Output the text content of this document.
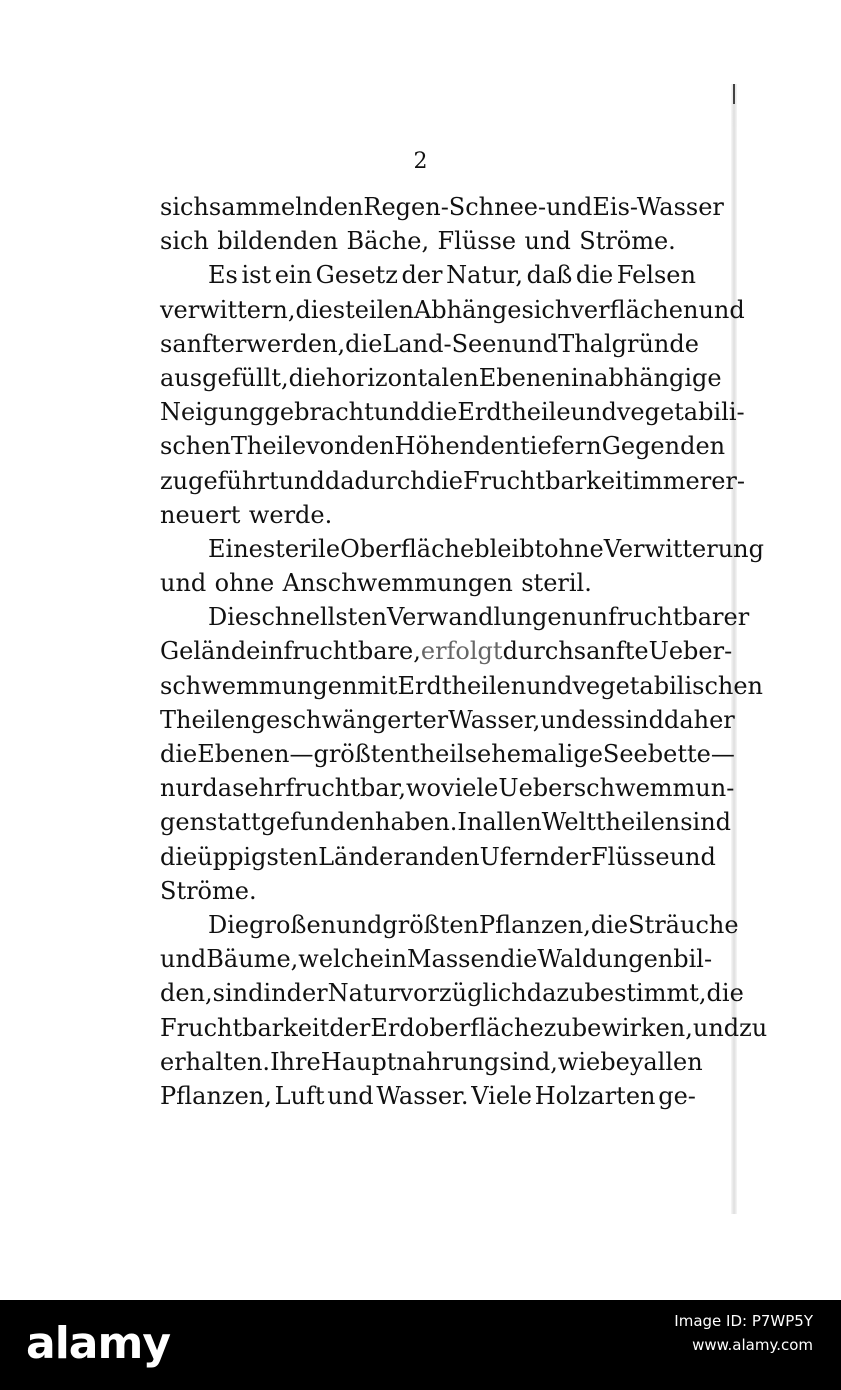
2
sich sammelnden Regen- Schnee- und Eis-Wasser
sich bildenden Bäche, Flüsse und Ströme.
Es ist ein Gesetz der Natur, daß die Felsen
verwittern, die steilen Abhänge sich verflächen und
sanfter werden, die Land-Seen und Thalgründe
ausgefüllt, die horizontalen Ebenen in abhängige
Neigung gebracht und die Erdtheile und vegetabili-
schen Theile von den Höhen den tiefern Gegenden
zugeführt und dadurch die Fruchtbarkeit immer er-
neuert werde.
Eine sterile Oberfläche bleibt ohne Verwitterung
und ohne Anschwemmungen steril.
Die schnellsten Verwandlungen unfruchtbarer
Gelände in fruchtbare, erfolgt durch sanfte Ueber-
schwemmungen mit Erdtheilen und vegetabilischen
Theilen geschwängerter Wasser, und es sind daher
die Ebenen — größtentheils ehemalige Seebette —
nur da sehr fruchtbar, wo viele Ueberschwemmun-
gen statt gefunden haben. In allen Welttheilen sind
die üppigsten Länder an den Ufern der Flüsse und
Ströme.
Die großen und größten Pflanzen, die Sträuche
und Bäume, welche in Massen die Waldungen bil-
den, sind in der Natur vorzüglich dazu bestimmt, die
Fruchtbarkeit der Erdoberfläche zu bewirken, und zu
erhalten. Ihre Hauptnahrung sind, wie bey allen
Pflanzen, Luft und Wasser. Viele Holzarten ge-
alamy	Image ID: P7WP5Y
www.alamy.com
